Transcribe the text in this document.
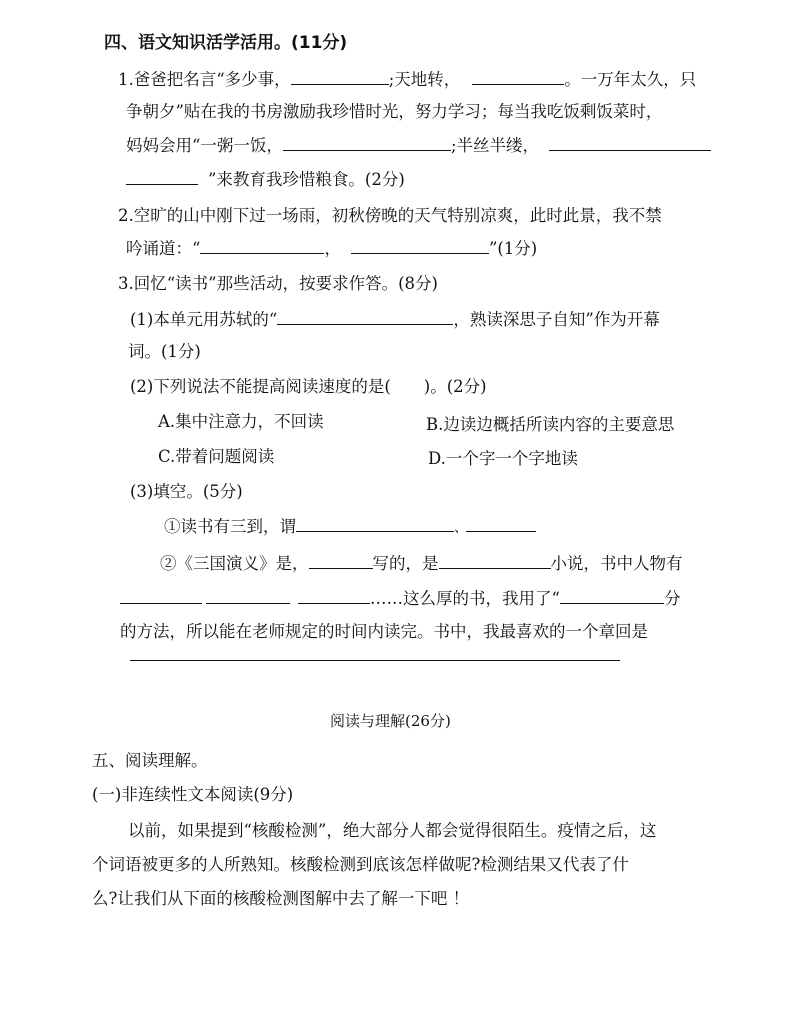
四、语文知识活学活用。(11分)
1.爸爸把名言“多少事，	;天地转，	。一万年太久，只
争朝夕”贴在我的书房激励我珍惜时光，努力学习；每当我吃饭剩饭菜时，
妈妈会用“一粥一饭，	;半丝半缕，
”来教育我珍惜粮食。(2分)
2.空旷的山中刚下过一场雨，初秋傍晚的天气特别凉爽，此时此景，我不禁
吟诵道：“	，	”(1分)
3.回忆“读书”那些活动，按要求作答。(8分)
(1)本单元用苏轼的“	，熟读深思子自知”作为开幕
词。(1分)
(2)下列说法不能提高阅读速度的是(　　)。(2分)
A.集中注意力，不回读	B.边读边概括所读内容的主要意思
C.带着问题阅读	D.一个字一个字地读
(3)填空。(5分)
①读书有三到，谓	、
②《三国演义》是，	写的，是	小说，书中人物有
……这么厚的书，我用了“	分
的方法，所以能在老师规定的时间内读完。书中，我最喜欢的一个章回是
阅读与理解(26分)
五、阅读理解。
(一)非连续性文本阅读(9分)
以前，如果提到“核酸检测”，绝大部分人都会觉得很陌生。疫情之后，这
个词语被更多的人所熟知。核酸检测到底该怎样做呢?检测结果又代表了什
么?让我们从下面的核酸检测图解中去了解一下吧 ！
